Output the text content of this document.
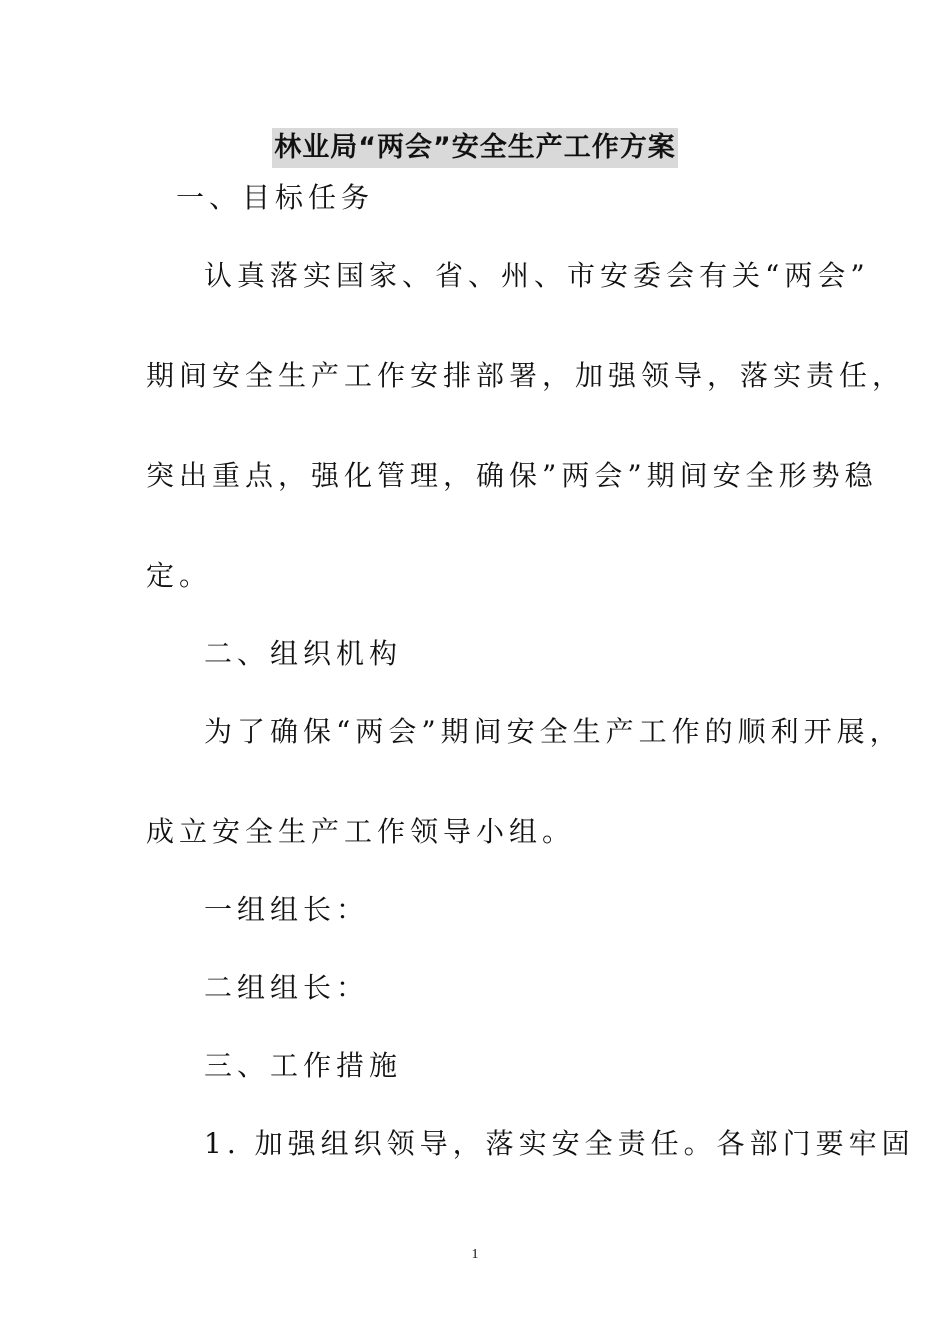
林业局“两会”安全生产工作方案
一、目标任务
认真落实国家、省、州、市安委会有关“两会”
期间安全生产工作安排部署，加强领导，落实责任，
突出重点，强化管理，确保”两会”期间安全形势稳
定。
二、组织机构
为了确保“两会”期间安全生产工作的顺利开展，
成立安全生产工作领导小组。
一组组长：
二组组长：
三、工作措施
1. 加强组织领导，落实安全责任。各部门要牢固
1
